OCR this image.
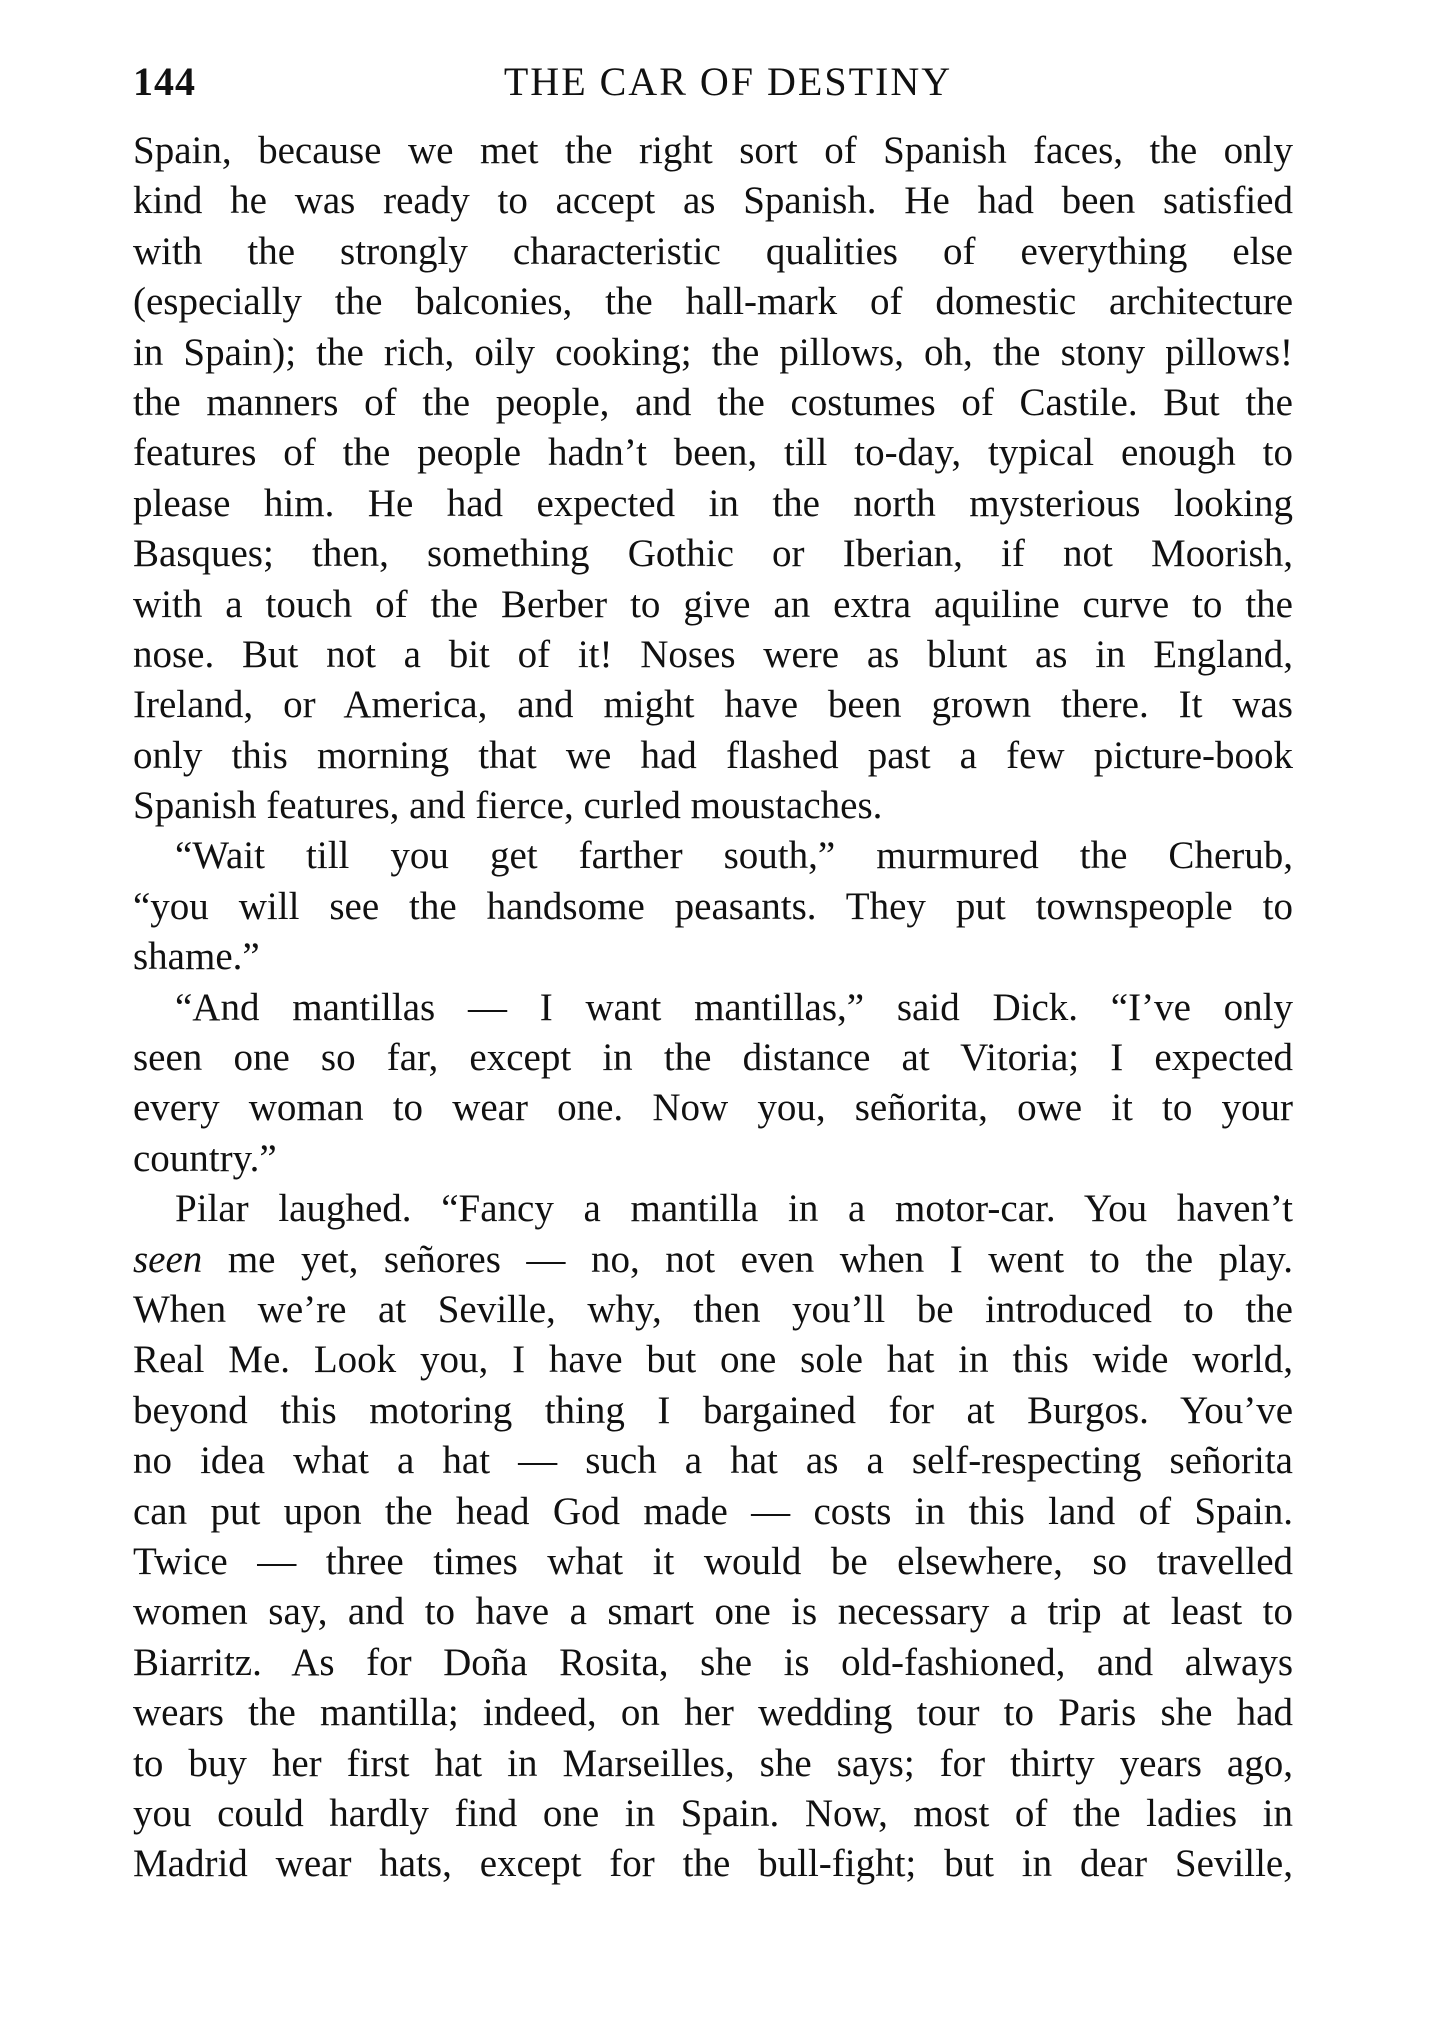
144	THE CAR OF DESTINY
Spain, because we met the right sort of Spanish faces, the only
kind he was ready to accept as Spanish. He had been satisfied
with the strongly characteristic qualities of everything else
(especially the balconies, the hall-mark of domestic architecture
in Spain); the rich, oily cooking; the pillows, oh, the stony pillows!
the manners of the people, and the costumes of Castile. But the
features of the people hadn’t been, till to-day, typical enough to
please him. He had expected in the north mysterious looking
Basques; then, something Gothic or Iberian, if not Moorish,
with a touch of the Berber to give an extra aquiline curve to the
nose. But not a bit of it! Noses were as blunt as in England,
Ireland, or America, and might have been grown there. It was
only this morning that we had flashed past a few picture-book
Spanish features, and fierce, curled moustaches.
“Wait till you get farther south,” murmured the Cherub,
“you will see the handsome peasants. They put townspeople to
shame.”
“And mantillas — I want mantillas,” said Dick. “I’ve only
seen one so far, except in the distance at Vitoria; I expected
every woman to wear one. Now you, señorita, owe it to your
country.”
Pilar laughed. “Fancy a mantilla in a motor-car. You haven’t
seen me yet, señores — no, not even when I went to the play.
When we’re at Seville, why, then you’ll be introduced to the
Real Me. Look you, I have but one sole hat in this wide world,
beyond this motoring thing I bargained for at Burgos. You’ve
no idea what a hat — such a hat as a self-respecting señorita
can put upon the head God made — costs in this land of Spain.
Twice — three times what it would be elsewhere, so travelled
women say, and to have a smart one is necessary a trip at least to
Biarritz. As for Doña Rosita, she is old-fashioned, and always
wears the mantilla; indeed, on her wedding tour to Paris she had
to buy her first hat in Marseilles, she says; for thirty years ago,
you could hardly find one in Spain. Now, most of the ladies in
Madrid wear hats, except for the bull-fight; but in dear Seville,
